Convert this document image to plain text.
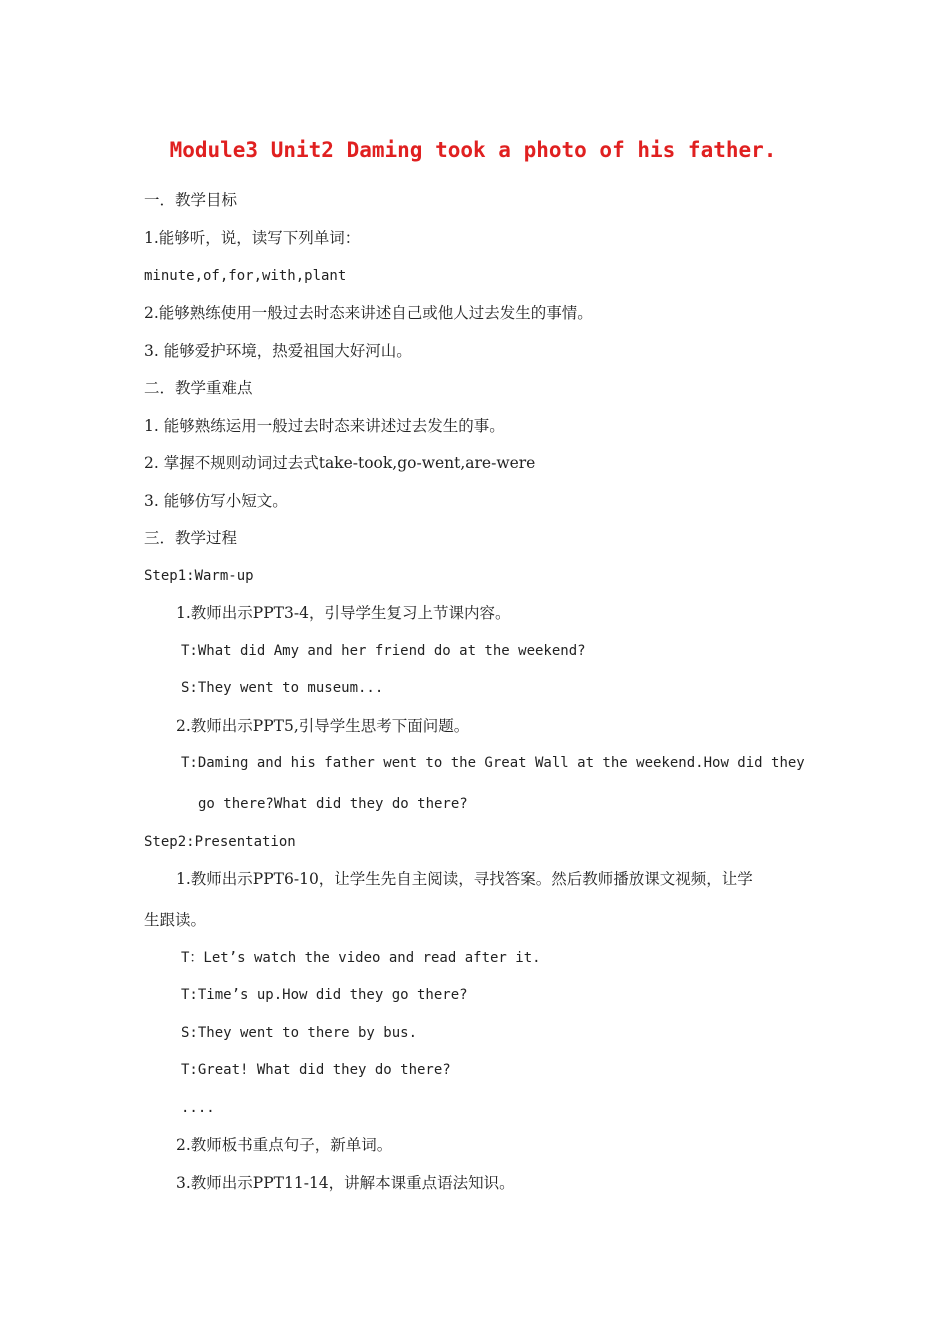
Module3 Unit2 Daming took a photo of his father.
一．教学目标
1.能够听，说，读写下列单词：
minute,of,for,with,plant
2.能够熟练使用一般过去时态来讲述自己或他人过去发生的事情。
3. 能够爱护环境，热爱祖国大好河山。
二．教学重难点
1. 能够熟练运用一般过去时态来讲述过去发生的事。
2. 掌握不规则动词过去式take-took,go-went,are-were
3. 能够仿写小短文。
三．教学过程
Step1:Warm-up
1.教师出示PPT3-4，引导学生复习上节课内容。
T:What did Amy and her friend do at the weekend?
S:They went to museum...
2.教师出示PPT5,引导学生思考下面问题。
T:Daming and his father went to the Great Wall at the weekend.How did they
go there?What did they do there?
Step2:Presentation
1.教师出示PPT6-10，让学生先自主阅读，寻找答案。然后教师播放课文视频，让学
生跟读。
T：Let’s watch the video and read after it.
T:Time’s up.How did they go there?
S:They went to there by bus.
T:Great! What did they do there?
....
2.教师板书重点句子，新单词。
3.教师出示PPT11-14，讲解本课重点语法知识。
